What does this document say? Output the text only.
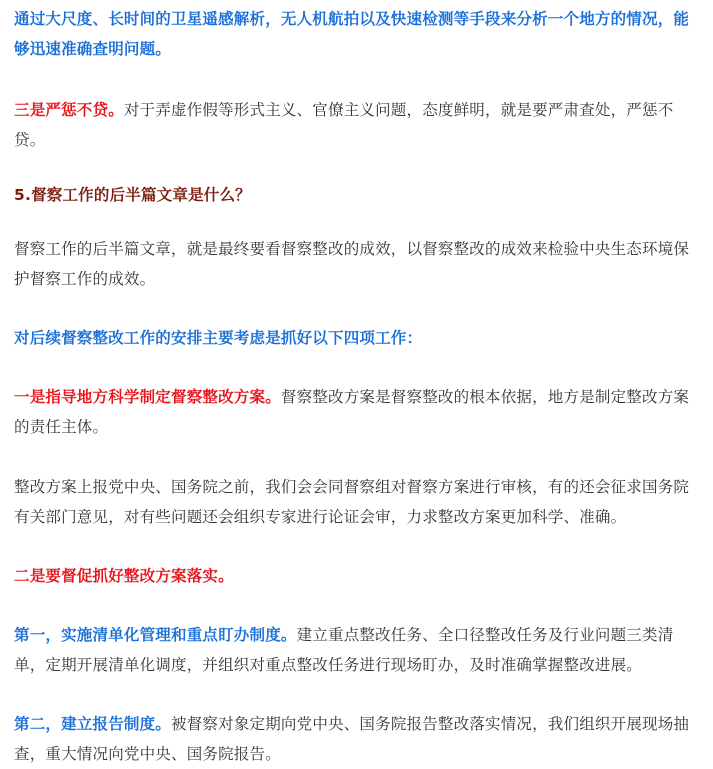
通过大尺度、长时间的卫星遥感解析，无人机航拍以及快速检测等手段来分析一个地方的情况，能够迅速准确查明问题。

三是严惩不贷。对于弄虚作假等形式主义、官僚主义问题，态度鲜明，就是要严肃查处，严惩不贷。

5.督察工作的后半篇文章是什么？

督察工作的后半篇文章，就是最终要看督察整改的成效，以督察整改的成效来检验中央生态环境保护督察工作的成效。

对后续督察整改工作的安排主要考虑是抓好以下四项工作：

一是指导地方科学制定督察整改方案。督察整改方案是督察整改的根本依据，地方是制定整改方案的责任主体。

整改方案上报党中央、国务院之前，我们会会同督察组对督察方案进行审核，有的还会征求国务院有关部门意见，对有些问题还会组织专家进行论证会审，力求整改方案更加科学、准确。

二是要督促抓好整改方案落实。

第一，实施清单化管理和重点盯办制度。建立重点整改任务、全口径整改任务及行业问题三类清单，定期开展清单化调度，并组织对重点整改任务进行现场盯办，及时准确掌握整改进展。

第二，建立报告制度。被督察对象定期向党中央、国务院报告整改落实情况，我们组织开展现场抽查，重大情况向党中央、国务院报告。
